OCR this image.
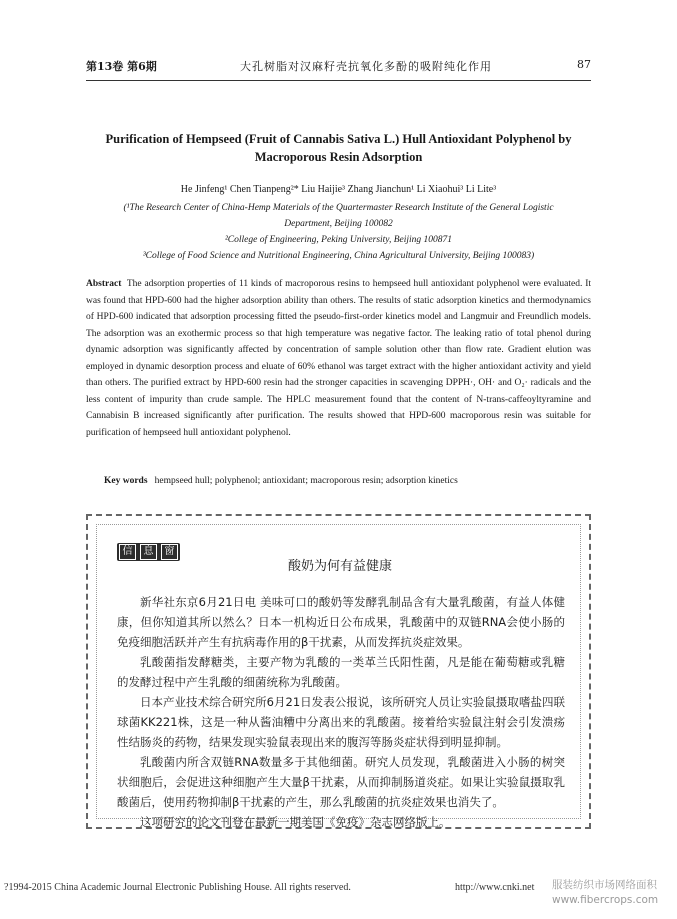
第13卷 第6期	大孔树脂对汉麻籽壳抗氧化多酚的吸附纯化作用	87
Purification of Hempseed (Fruit of Cannabis Sativa L.) Hull Antioxidant Polyphenol by
Macroporous Resin Adsorption
He Jinfeng¹ Chen Tianpeng²* Liu Haijie³ Zhang Jianchun¹ Li Xiaohui³ Li Lite³
(¹The Research Center of China-Hemp Materials of the Quartermaster Research Institute of the General Logistic
Department, Beijing 100082
²College of Engineering, Peking University, Beijing 100871
³College of Food Science and Nutritional Engineering, China Agricultural University, Beijing 100083)
Abstract The adsorption properties of 11 kinds of macroporous resins to hempseed hull antioxidant polyphenol were evaluated. It was found that HPD-600 had the higher adsorption ability than others. The results of static adsorption kinetics and thermodynamics of HPD-600 indicated that adsorption processing fitted the pseudo-first-order kinetics model and Langmuir and Freundlich models. The adsorption was an exothermic process so that high temperature was negative factor. The leaking ratio of total phenol during dynamic adsorption was significantly affected by concentration of sample solution other than flow rate. Gradient elution was employed in dynamic desorption process and eluate of 60% ethanol was target extract with the higher antioxidant activity and yield than others. The purified extract by HPD-600 resin had the stronger capacities in scavenging DPPH·, OH· and O₂· radicals and the less content of impurity than crude sample. The HPLC measurement found that the content of N-trans-caffeoyltyramine and Cannabisin B increased significantly after purification. The results showed that HPD-600 macroporous resin was suitable for purification of hempseed hull antioxidant polyphenol.
Key words hempseed hull; polyphenol; antioxidant; macroporous resin; adsorption kinetics
信	息	窗
酸奶为何有益健康

新华社东京6月21日电 美味可口的酸奶等发酵乳制品含有大量乳酸菌，有益人体健康，但你知道其所以然么？日本一机构近日公布成果，乳酸菌中的双链RNA会使小肠的免疫细胞活跃并产生有抗病毒作用的β干扰素，从而发挥抗炎症效果。

乳酸菌指发酵糖类，主要产物为乳酸的一类革兰氏阳性菌，凡是能在葡萄糖或乳糖的发酵过程中产生乳酸的细菌统称为乳酸菌。

日本产业技术综合研究所6月21日发表公报说，该所研究人员让实验鼠摄取嗜盐四联球菌KK221株，这是一种从酱油糟中分离出来的乳酸菌。接着给实验鼠注射会引发溃疡性结肠炎的药物，结果发现实验鼠表现出来的腹泻等肠炎症状得到明显抑制。

乳酸菌内所含双链RNA数量多于其他细菌。研究人员发现，乳酸菌进入小肠的树突状细胞后，会促进这种细胞产生大量β干扰素，从而抑制肠道炎症。如果让实验鼠摄取乳酸菌后，使用药物抑制β干扰素的产生，那么乳酸菌的抗炎症效果也消失了。

这项研究的论文刊登在最新一期美国《免疫》杂志网络版上。

?1994-2015 China Academic Journal Electronic Publishing House. All rights reserved.	http://www.cnki.net 服装纺织市场网络面积
www.fibercrops.com
